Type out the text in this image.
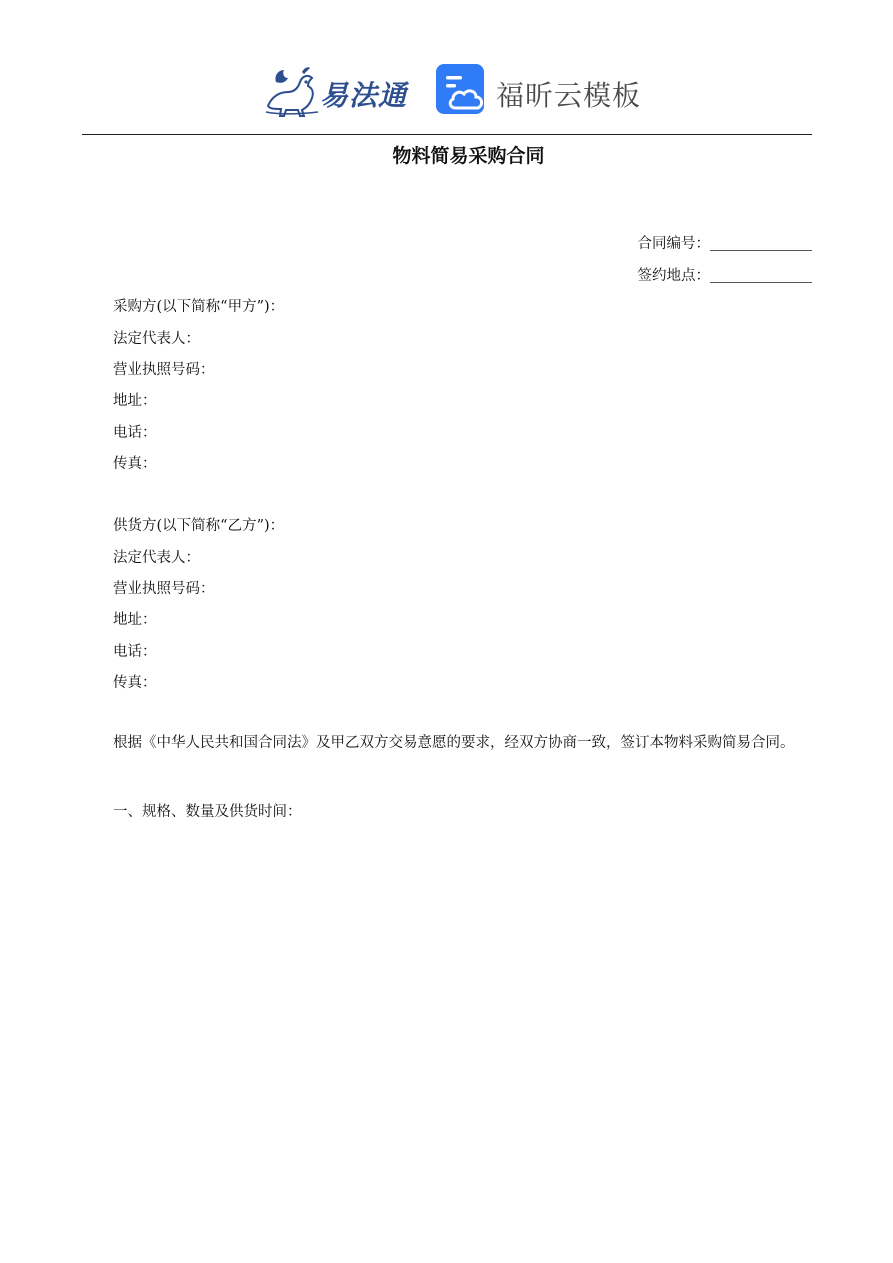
易法通	福昕云模板
物料简易采购合同
合同编号：
签约地点：
采购方(以下简称“甲方”)：
法定代表人：
营业执照号码：
地址：
电话：
传真：
供货方(以下简称“乙方”)：
法定代表人：
营业执照号码：
地址：
电话：
传真：
根据《中华人民共和国合同法》及甲乙双方交易意愿的要求，经双方协商一致，签订本物料采购简易合同。
一、规格、数量及供货时间：
